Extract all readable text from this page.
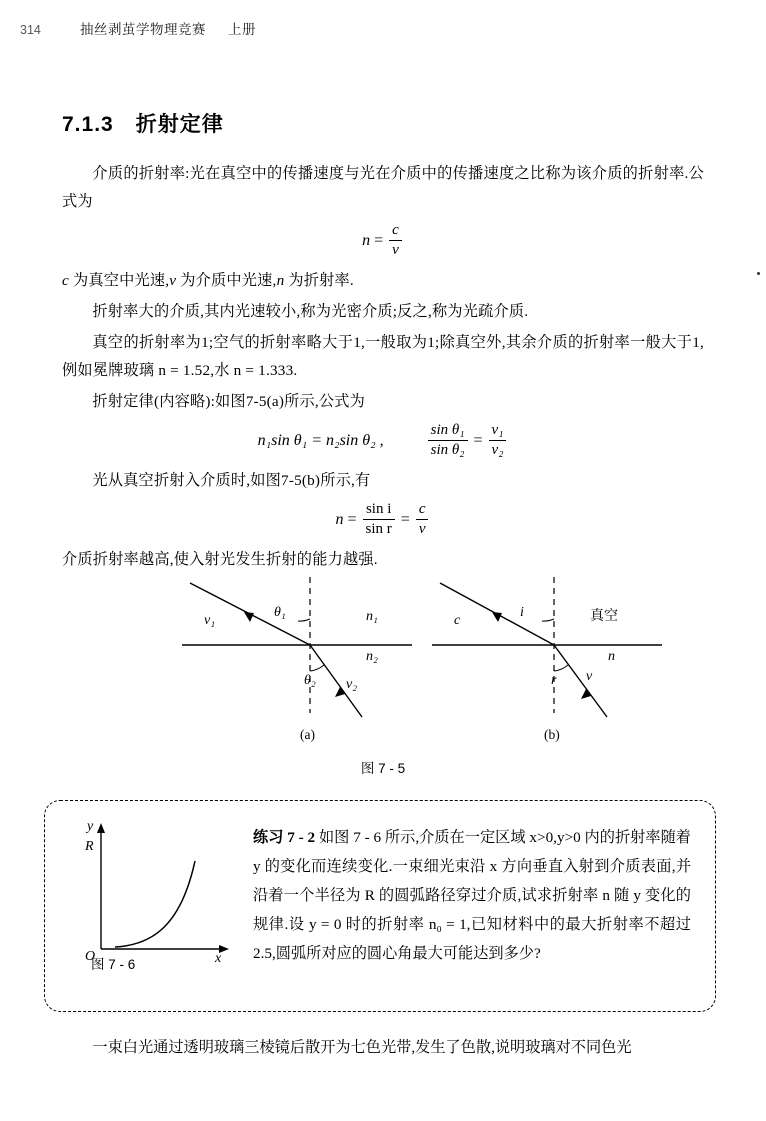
314	抽丝剥茧学物理竞赛 上册
7.1.3 折射定律

介质的折射率:光在真空中的传播速度与光在介质中的传播速度之比称为该介质的折射率.公式为

$n = \frac{c}{v}$

c 为真空中光速,v 为介质中光速,n 为折射率.

折射率大的介质,其内光速较小,称为光密介质;反之,称为光疏介质.

真空的折射率为1;空气的折射率略大于1,一般取为1;除真空外,其余介质的折射率一般大于1,例如冕牌玻璃 n = 1.52,水 n = 1.333.

折射定律(内容略):如图7-5(a)所示,公式为

n₁sin θ₁ = n₂sin θ₂ ,	$\frac{\text{sin θ₁}}{\text{sin θ₂}} = \frac{\text{v₁}}{\text{v₂}}$

光从真空折射入介质时,如图7-5(b)所示,有

$n = \frac{\text{sin i}}{\text{sin r}} = \frac{c}{v}$

介质折射率越高,使入射光发生折射的能力越强.

v₁
θ₁	n₁
n₂
θ₂ v₂
c
i	真空
n
r v
(a)	(b)
图 7 - 5
y
R
O	x
图 7 - 6
练习 7 - 2 如图 7 - 6 所示,介质在一定区域 x>0,y>0 内的折射率随着 y 的变化而连续变化.一束细光束沿 x 方向垂直入射到介质表面,并沿着一个半径为 R 的圆弧路径穿过介质,试求折射率 n 随 y 变化的规律.设 y = 0 时的折射率 n₀ = 1,已知材料中的最大折射率不超过 2.5,圆弧所对应的圆心角最大可能达到多少?
一束白光通过透明玻璃三棱镜后散开为七色光带,发生了色散,说明玻璃对不同色光
